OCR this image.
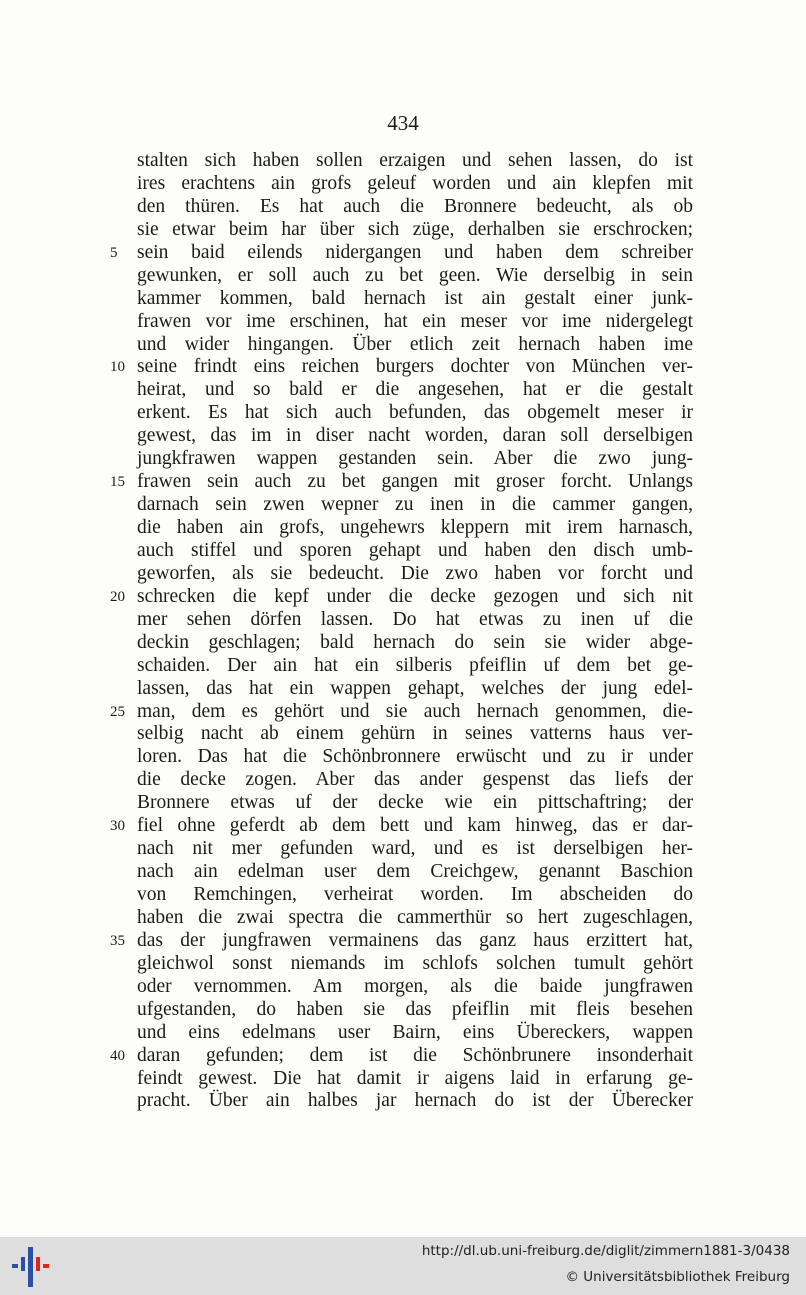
434
stalten sich haben sollen erzaigen und sehen lassen, do ist
ires erachtens ain grofs geleuf worden und ain klepfen mit
den thüren. Es hat auch die Bronnere bedeucht, als ob
sie etwar beim har über sich züge, derhalben sie erschrocken;
5	sein baid eilends nidergangen und haben dem schreiber
gewunken, er soll auch zu bet geen. Wie derselbig in sein
kammer kommen, bald hernach ist ain gestalt einer junk-
frawen vor ime erschinen, hat ein meser vor ime nidergelegt
und wider hingangen. Über etlich zeit hernach haben ime
10 seine frindt eins reichen burgers dochter von München ver-
heirat, und so bald er die angesehen, hat er die gestalt
erkent. Es hat sich auch befunden, das obgemelt meser ir
gewest, das im in diser nacht worden, daran soll derselbigen
jungkfrawen wappen gestanden sein. Aber die zwo jung-
15 frawen sein auch zu bet gangen mit groser forcht. Unlangs
darnach sein zwen wepner zu inen in die cammer gangen,
die haben ain grofs, ungehewrs kleppern mit irem harnasch,
auch stiffel und sporen gehapt und haben den disch umb-
geworfen, als sie bedeucht. Die zwo haben vor forcht und
20 schrecken die kepf under die decke gezogen und sich nit
mer sehen dörfen lassen. Do hat etwas zu inen uf die
deckin geschlagen; bald hernach do sein sie wider abge-
schaiden. Der ain hat ein silberis pfeiflin uf dem bet ge-
lassen, das hat ein wappen gehapt, welches der jung edel-
25 man, dem es gehört und sie auch hernach genommen, die-
selbig nacht ab einem gehürn in seines vatterns haus ver-
loren. Das hat die Schönbronnere erwüscht und zu ir under
die decke zogen. Aber das ander gespenst das liefs der
Bronnere etwas uf der decke wie ein pittschaftring; der
30 fiel ohne geferdt ab dem bett und kam hinweg, das er dar-
nach nit mer gefunden ward, und es ist derselbigen her-
nach ain edelman user dem Creichgew, genannt Baschion
von Remchingen, verheirat worden. Im abscheiden do
haben die zwai spectra die cammerthür so hert zugeschlagen,
35 das der jungfrawen vermainens das ganz haus erzittert hat,
gleichwol sonst niemands im schlofs solchen tumult gehört
oder vernommen. Am morgen, als die baide jungfrawen
ufgestanden, do haben sie das pfeiflin mit fleis besehen
und eins edelmans user Bairn, eins Übereckers, wappen
40 daran gefunden; dem ist die Schönbrunere insonderhait
feindt gewest. Die hat damit ir aigens laid in erfarung ge-
pracht. Über ain halbes jar hernach do ist der Überecker
http://dl.ub.uni-freiburg.de/diglit/zimmern1881-3/0438
© Universitätsbibliothek Freiburg
